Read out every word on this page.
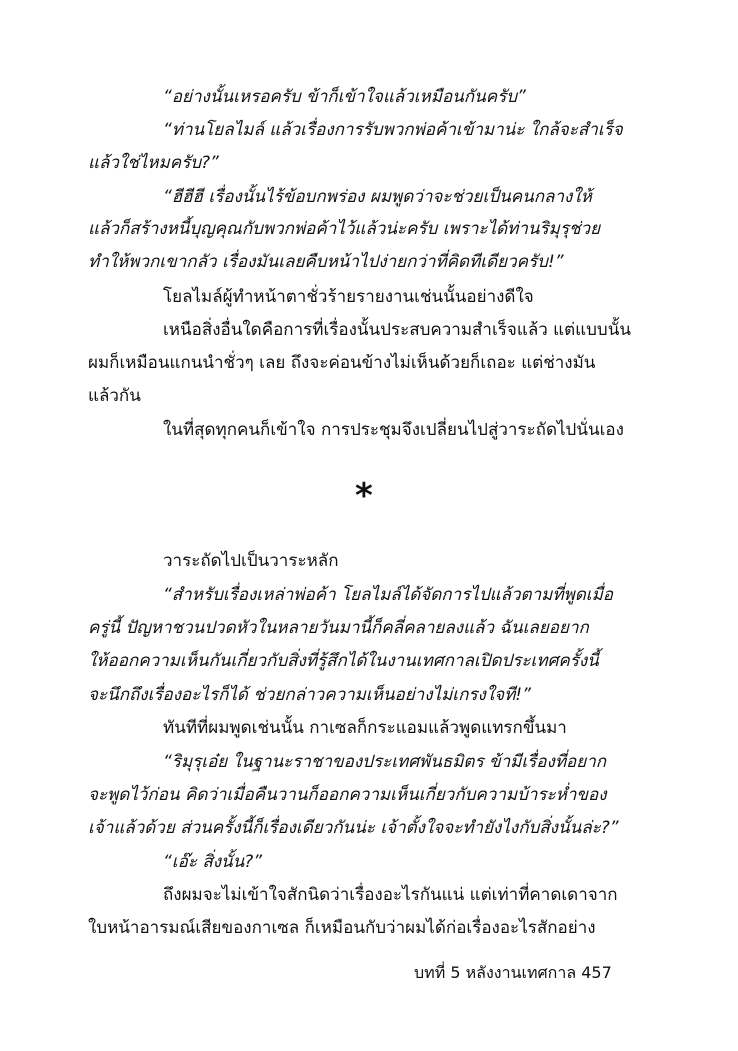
“อย่างนั้นเหรอครับ ข้าก็เข้าใจแล้วเหมือนกันครับ”
“ท่านโยลไมล์ แล้วเรื่องการรับพวกพ่อค้าเข้ามาน่ะ ใกล้จะสำเร็จ
แล้วใช่ไหมครับ?”
“ฮีฮีฮี เรื่องนั้นไร้ข้อบกพร่อง ผมพูดว่าจะช่วยเป็นคนกลางให้
แล้วก็สร้างหนี้บุญคุณกับพวกพ่อค้าไว้แล้วน่ะครับ เพราะได้ท่านริมุรุช่วย
ทำให้พวกเขากลัว เรื่องมันเลยคืบหน้าไปง่ายกว่าที่คิดทีเดียวครับ!”
โยลไมล์ผู้ทำหน้าตาชั่วร้ายรายงานเช่นนั้นอย่างดีใจ
เหนือสิ่งอื่นใดคือการที่เรื่องนั้นประสบความสำเร็จแล้ว แต่แบบนั้น
ผมก็เหมือนแกนนำชั่วๆ เลย ถึงจะค่อนข้างไม่เห็นด้วยก็เถอะ แต่ช่างมัน
แล้วกัน
ในที่สุดทุกคนก็เข้าใจ การประชุมจึงเปลี่ยนไปสู่วาระถัดไปนั่นเอง
*
วาระถัดไปเป็นวาระหลัก
“สำหรับเรื่องเหล่าพ่อค้า โยลไมล์ได้จัดการไปแล้วตามที่พูดเมื่อ
ครู่นี้ ปัญหาชวนปวดหัวในหลายวันมานี้ก็คลี่คลายลงแล้ว ฉันเลยอยาก
ให้ออกความเห็นกันเกี่ยวกับสิ่งที่รู้สึกได้ในงานเทศกาลเปิดประเทศครั้งนี้
จะนึกถึงเรื่องอะไรก็ได้ ช่วยกล่าวความเห็นอย่างไม่เกรงใจที!”
ทันทีที่ผมพูดเช่นนั้น กาเซลก็กระแอมแล้วพูดแทรกขึ้นมา
“ริมุรุเอ๋ย ในฐานะราชาของประเทศพันธมิตร ข้ามีเรื่องที่อยาก
จะพูดไว้ก่อน คิดว่าเมื่อคืนวานก็ออกความเห็นเกี่ยวกับความบ้าระห่ำของ
เจ้าแล้วด้วย ส่วนครั้งนี้ก็เรื่องเดียวกันน่ะ เจ้าตั้งใจจะทำยังไงกับสิ่งนั้นล่ะ?”
“เอ๊ะ สิ่งนั้น?”
ถึงผมจะไม่เข้าใจสักนิดว่าเรื่องอะไรกันแน่ แต่เท่าที่คาดเดาจาก
ใบหน้าอารมณ์เสียของกาเซล ก็เหมือนกับว่าผมได้ก่อเรื่องอะไรสักอย่าง
บทที่ 5 หลังงานเทศกาล 457
